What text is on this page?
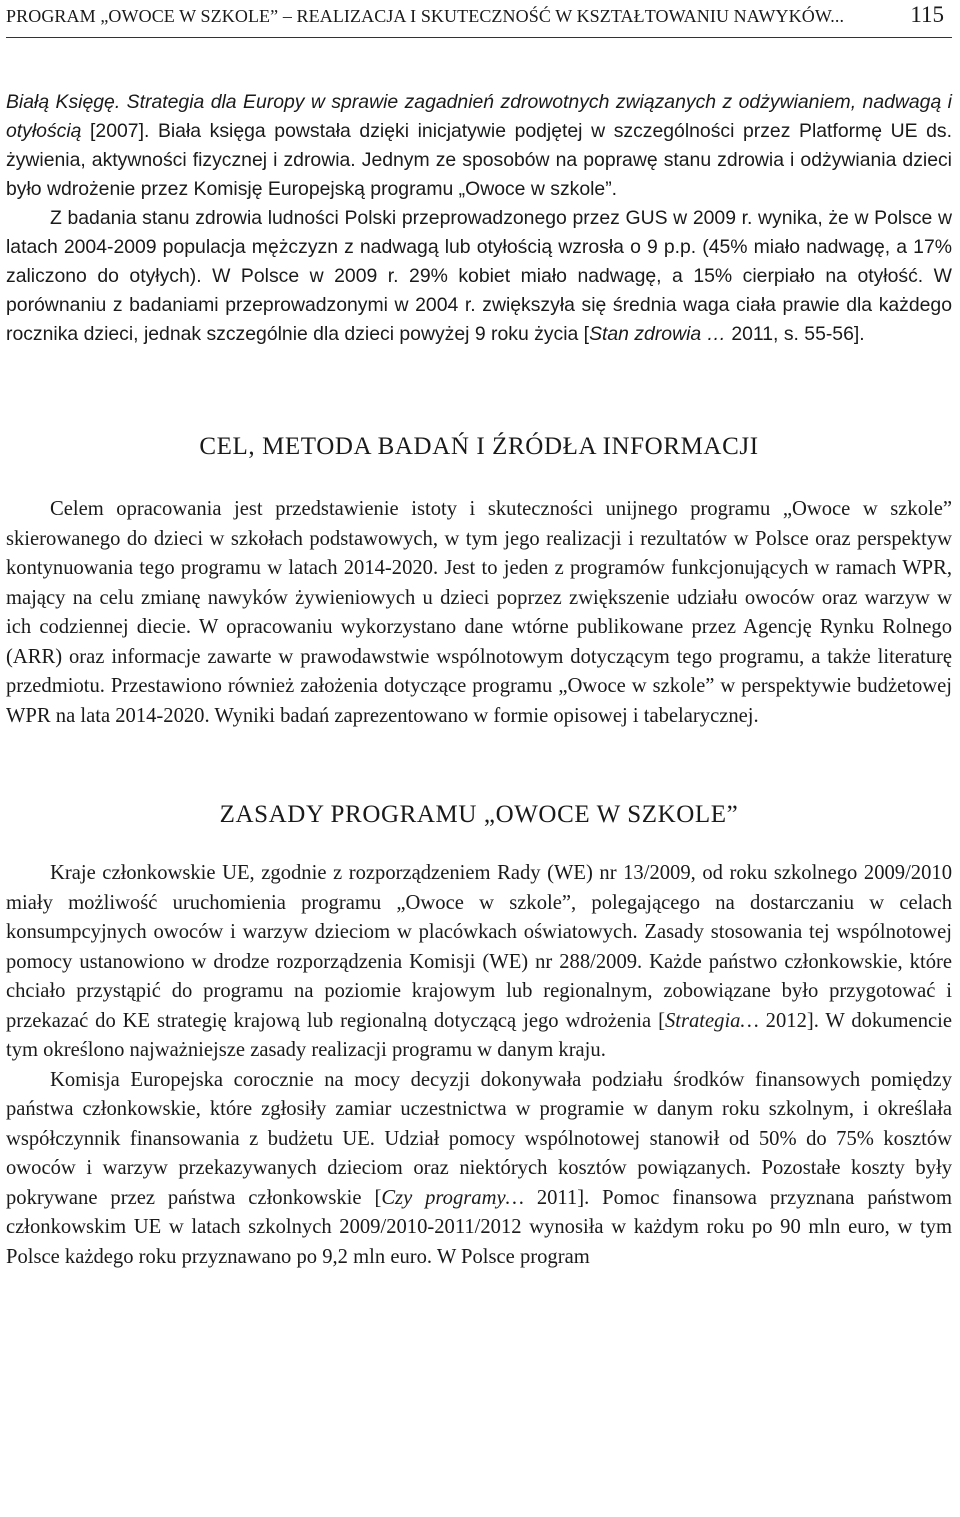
PROGRAM „OWOCE W SZKOLE” – REALIZACJA I SKUTECZNOŚĆ W KSZTAŁTOWANIU NAWYKÓW...	115

Białą Księgę. Strategia dla Europy w sprawie zagadnień zdrowotnych związanych z odżywianiem, nadwagą i otyłością [2007]. Biała księga powstała dzięki inicjatywie podjętej w szczególności przez Platformę UE ds. żywienia, aktywności fizycznej i zdrowia. Jednym ze sposobów na poprawę stanu zdrowia i odżywiania dzieci było wdrożenie przez Komisję Europejską programu „Owoce w szkole”.

Z badania stanu zdrowia ludności Polski przeprowadzonego przez GUS w 2009 r. wynika, że w Polsce w latach 2004-2009 populacja mężczyzn z nadwagą lub otyłością wzrosła o 9 p.p. (45% miało nadwagę, a 17% zaliczono do otyłych). W Polsce w 2009 r. 29% kobiet miało nadwagę, a 15% cierpiało na otyłość. W porównaniu z badaniami przeprowadzonymi w 2004 r. zwiększyła się średnia waga ciała prawie dla każdego rocznika dzieci, jednak szczególnie dla dzieci powyżej 9 roku życia [Stan zdrowia … 2011, s. 55-56].

CEL, METODA BADAŃ I ŹRÓDŁA INFORMACJI

Celem opracowania jest przedstawienie istoty i skuteczności unijnego programu „Owoce w szkole” skierowanego do dzieci w szkołach podstawowych, w tym jego realizacji i rezultatów w Polsce oraz perspektyw kontynuowania tego programu w latach 2014-2020. Jest to jeden z programów funkcjonujących w ramach WPR, mający na celu zmianę nawyków żywieniowych u dzieci poprzez zwiększenie udziału owoców oraz warzyw w ich codziennej diecie. W opracowaniu wykorzystano dane wtórne publikowane przez Agencję Rynku Rolnego (ARR) oraz informacje zawarte w prawodawstwie wspólnotowym dotyczącym tego programu, a także literaturę przedmiotu. Przestawiono również założenia dotyczące programu „Owoce w szkole” w perspektywie budżetowej WPR na lata 2014-2020. Wyniki badań zaprezentowano w formie opisowej i tabelarycznej.

ZASADY PROGRAMU „OWOCE W SZKOLE”

Kraje członkowskie UE, zgodnie z rozporządzeniem Rady (WE) nr 13/2009, od roku szkolnego 2009/2010 miały możliwość uruchomienia programu „Owoce w szkole”, polegającego na dostarczaniu w celach konsumpcyjnych owoców i warzyw dzieciom w placówkach oświatowych. Zasady stosowania tej wspólnotowej pomocy ustanowiono w drodze rozporządzenia Komisji (WE) nr 288/2009. Każde państwo członkowskie, które chciało przystąpić do programu na poziomie krajowym lub regionalnym, zobowiązane było przygotować i przekazać do KE strategię krajową lub regionalną dotyczącą jego wdrożenia [Strategia… 2012]. W dokumencie tym określono najważniejsze zasady realizacji programu w danym kraju.

Komisja Europejska corocznie na mocy decyzji dokonywała podziału środków finansowych pomiędzy państwa członkowskie, które zgłosiły zamiar uczestnictwa w programie w danym roku szkolnym, i określała współczynnik finansowania z budżetu UE. Udział pomocy wspólnotowej stanowił od 50% do 75% kosztów owoców i warzyw przekazywanych dzieciom oraz niektórych kosztów powiązanych. Pozostałe koszty były pokrywane przez państwa członkowskie [Czy programy… 2011]. Pomoc finansowa przyznana państwom członkowskim UE w latach szkolnych 2009/2010-2011/2012 wynosiła w każdym roku po 90 mln euro, w tym Polsce każdego roku przyznawano po 9,2 mln euro. W Polsce program
